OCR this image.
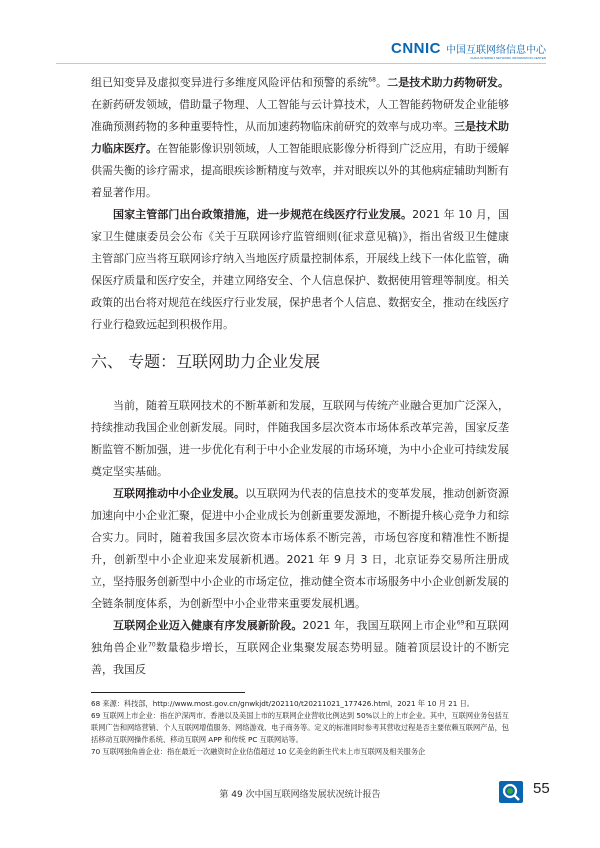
CNNIC 中国互联网络信息中心
CHINA INTERNET NETWORK INFORMATION CENTER

组已知变异及虚拟变异进行多维度风险评估和预警的系统$^{68}$。二是技术助力药物研发。在新药研发领域，借助量子物理、人工智能与云计算技术，人工智能药物研发企业能够准确预测药物的多种重要特性，从而加速药物临床前研究的效率与成功率。三是技术助力临床医疗。在智能影像识别领域，人工智能眼底影像分析得到广泛应用，有助于缓解供需失衡的诊疗需求，提高眼疾诊断精度与效率，并对眼疾以外的其他病症辅助判断有着显著作用。

国家主管部门出台政策措施，进一步规范在线医疗行业发展。2021 年 10 月，国家卫生健康委员会公布《关于互联网诊疗监管细则(征求意见稿)》，指出省级卫生健康主管部门应当将互联网诊疗纳入当地医疗质量控制体系，开展线上线下一体化监管，确保医疗质量和医疗安全，并建立网络安全、个人信息保护、数据使用管理等制度。相关政策的出台将对规范在线医疗行业发展，保护患者个人信息、数据安全，推动在线医疗行业行稳致远起到积极作用。

六、 专题：互联网助力企业发展

当前，随着互联网技术的不断革新和发展，互联网与传统产业融合更加广泛深入，持续推动我国企业创新发展。同时，伴随我国多层次资本市场体系改革完善，国家反垄断监管不断加强，进一步优化有利于中小企业发展的市场环境，为中小企业可持续发展奠定坚实基础。

互联网推动中小企业发展。以互联网为代表的信息技术的变革发展，推动创新资源加速向中小企业汇聚，促进中小企业成长为创新重要发源地，不断提升核心竞争力和综合实力。同时，随着我国多层次资本市场体系不断完善，市场包容度和精准性不断提升，创新型中小企业迎来发展新机遇。2021 年 9 月 3 日，北京证券交易所注册成立，坚持服务创新型中小企业的市场定位，推动健全资本市场服务中小企业创新发展的全链条制度体系，为创新型中小企业带来重要发展机遇。

互联网企业迈入健康有序发展新阶段。2021 年，我国互联网上市企业$^{69}$和互联网独角兽企业$^{70}$数量稳步增长，互联网企业集聚发展态势明显。随着顶层设计的不断完善，我国反

68 来源：科技部，http://www.most.gov.cn/gnwkjdt/202110/t20211021_177426.html，2021 年 10 月 21 日。

69 互联网上市企业：指在沪深两市、香港以及美国上市的互联网企业营收比例达到 50%以上的上市企业。其中，互联网业务包括互联网广告和网络营销、个人互联网增值服务、网络游戏、电子商务等。定义的标准同时参考其营收过程是否主要依赖互联网产品，包括移动互联网操作系统、移动互联网 APP 和传统 PC 互联网站等。

70 互联网独角兽企业：指在最近一次融资时企业估值超过 10 亿美金的新生代未上市互联网及相关服务企

第 49 次中国互联网络发展状况统计报告	55
